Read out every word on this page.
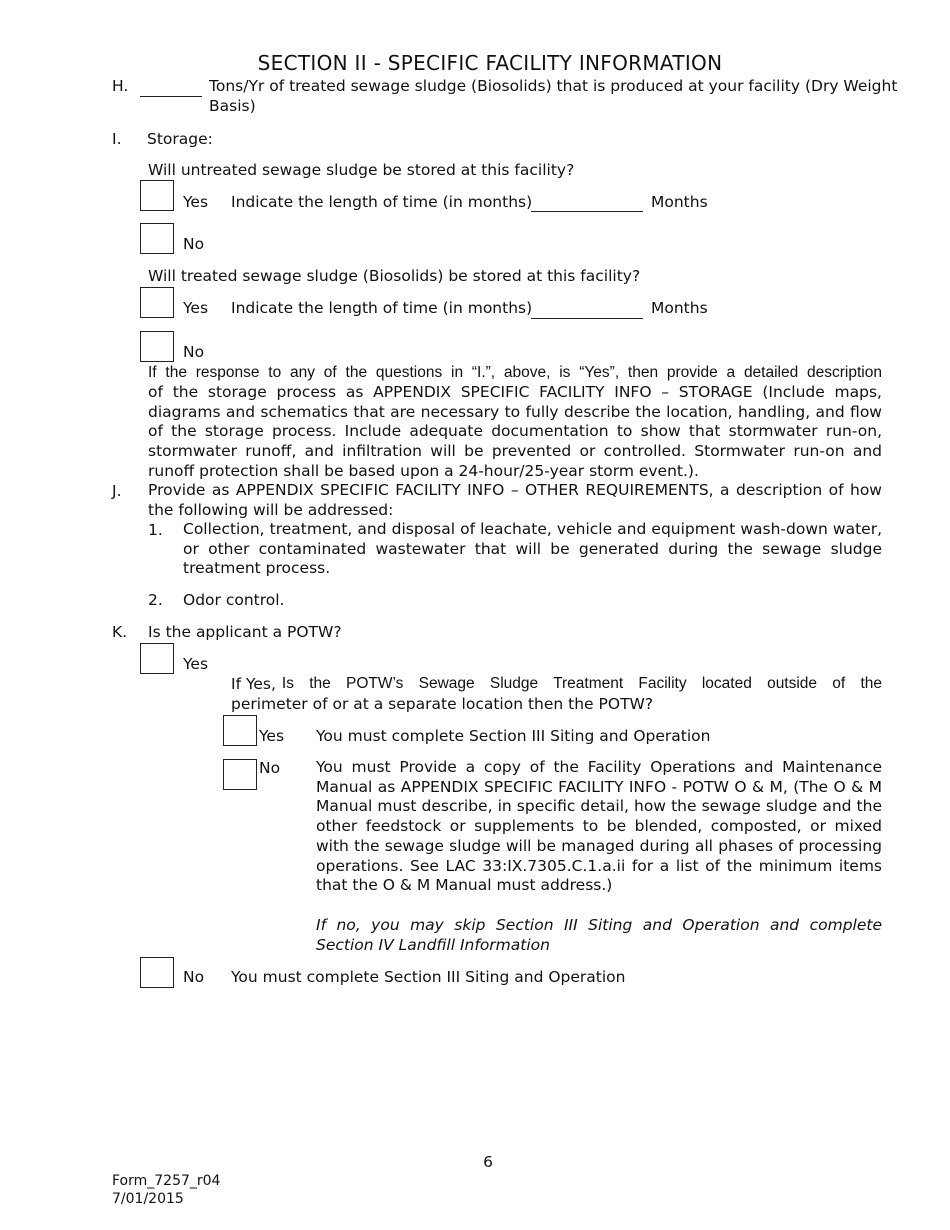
SECTION II - SPECIFIC FACILITY INFORMATION
H.	Tons/Yr of treated sewage sludge (Biosolids) that is produced at your facility (Dry Weight
Basis)
I. Storage:
Will untreated sewage sludge be stored at this facility?
Yes Indicate the length of time (in months)	Months
No
Will treated sewage sludge (Biosolids) be stored at this facility?
Yes Indicate the length of time (in months)	Months
No
If the response to any of the questions in “I.”, above, is “Yes”, then provide a detailed description
of the storage process as APPENDIX SPECIFIC FACILITY INFO – STORAGE (Include maps, diagrams and schematics that are necessary to fully describe the location, handling, and flow of the storage process. Include adequate documentation to show that stormwater run-on, stormwater runoff, and infiltration will be prevented or controlled. Stormwater run-on and runoff protection shall be based upon a 24-hour/25-year storm event.).
J. Provide as APPENDIX SPECIFIC FACILITY INFO – OTHER REQUIREMENTS, a description of how the following will be addressed:
1. Collection, treatment, and disposal of leachate, vehicle and equipment wash-down water, or other contaminated wastewater that will be generated during the sewage sludge treatment process.
2. Odor control.
K. Is the applicant a POTW?
Yes
If Yes, Is the POTW’s Sewage Sludge Treatment Facility located outside of the
perimeter of or at a separate location then the POTW?
Yes You must complete Section III Siting and Operation
No You must Provide a copy of the Facility Operations and Maintenance Manual as APPENDIX SPECIFIC FACILITY INFO - POTW O & M, (The O & M Manual must describe, in specific detail, how the sewage sludge and the other feedstock or supplements to be blended, composted, or mixed with the sewage sludge will be managed during all phases of processing operations. See LAC 33:IX.7305.C.1.a.ii for a list of the minimum items that the O & M Manual must address.)
If no, you may skip Section III Siting and Operation and complete Section IV Landfill Information
No You must complete Section III Siting and Operation
6
Form_7257_r04
7/01/2015
